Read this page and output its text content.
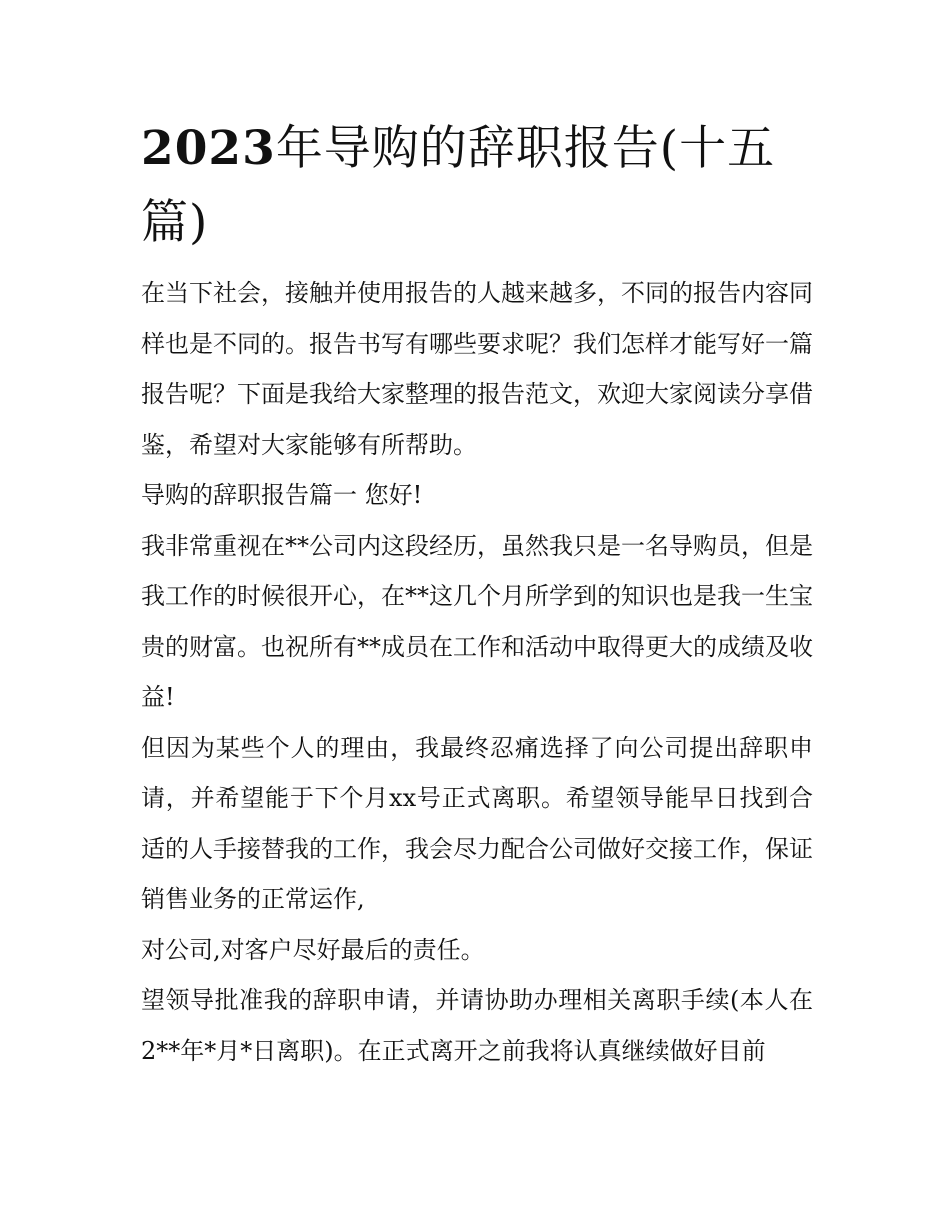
2023年导购的辞职报告(十五篇)

在当下社会，接触并使用报告的人越来越多，不同的报告内容同样也是不同的。报告书写有哪些要求呢？我们怎样才能写好一篇报告呢？下面是我给大家整理的报告范文，欢迎大家阅读分享借鉴，希望对大家能够有所帮助。

导购的辞职报告篇一 您好!

我非常重视在**公司内这段经历，虽然我只是一名导购员，但是我工作的时候很开心，在**这几个月所学到的知识也是我一生宝贵的财富。也祝所有**成员在工作和活动中取得更大的成绩及收益!

但因为某些个人的理由，我最终忍痛选择了向公司提出辞职申请，并希望能于下个月xx号正式离职。希望领导能早日找到合适的人手接替我的工作，我会尽力配合公司做好交接工作，保证销售业务的正常运作,

对公司,对客户尽好最后的责任。

望领导批准我的辞职申请，并请协助办理相关离职手续(本人在2**年*月*日离职)。在正式离开之前我将认真继续做好目前
